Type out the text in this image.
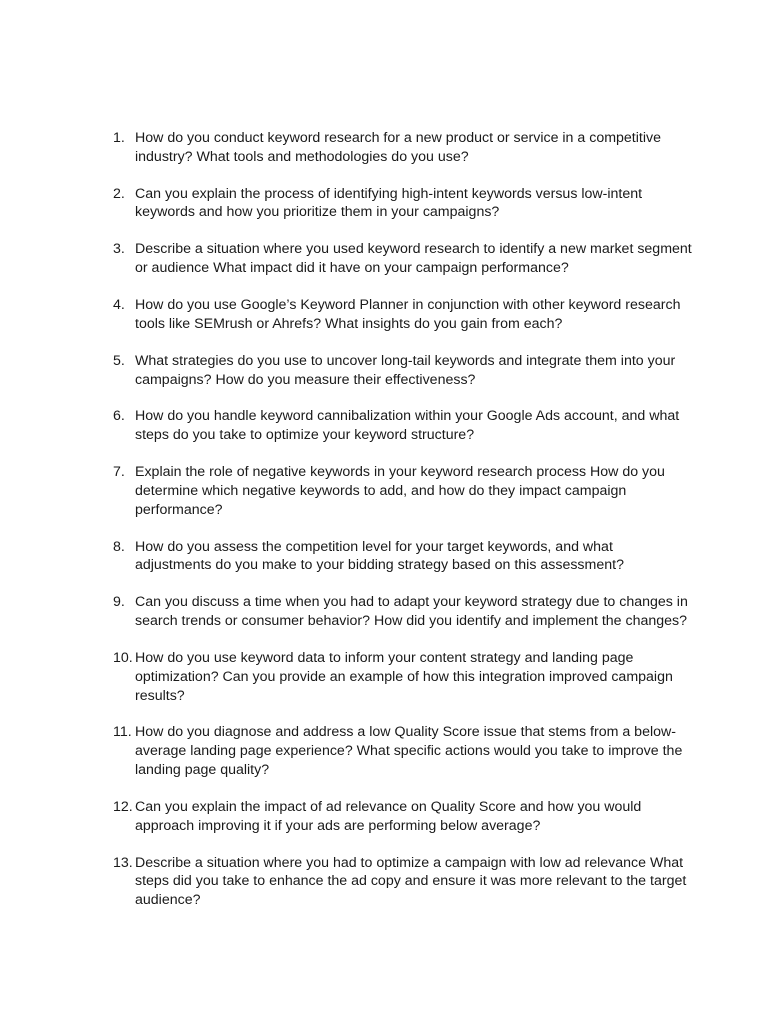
1. How do you conduct keyword research for a new product or service in a competitive industry? What tools and methodologies do you use?
2. Can you explain the process of identifying high-intent keywords versus low-intent keywords and how you prioritize them in your campaigns?
3. Describe a situation where you used keyword research to identify a new market segment or audience What impact did it have on your campaign performance?
4. How do you use Google’s Keyword Planner in conjunction with other keyword research tools like SEMrush or Ahrefs? What insights do you gain from each?
5. What strategies do you use to uncover long-tail keywords and integrate them into your campaigns? How do you measure their effectiveness?
6. How do you handle keyword cannibalization within your Google Ads account, and what steps do you take to optimize your keyword structure?
7. Explain the role of negative keywords in your keyword research process How do you determine which negative keywords to add, and how do they impact campaign performance?
8. How do you assess the competition level for your target keywords, and what adjustments do you make to your bidding strategy based on this assessment?
9. Can you discuss a time when you had to adapt your keyword strategy due to changes in search trends or consumer behavior? How did you identify and implement the changes?
10. How do you use keyword data to inform your content strategy and landing page optimization? Can you provide an example of how this integration improved campaign results?
11. How do you diagnose and address a low Quality Score issue that stems from a below-average landing page experience? What specific actions would you take to improve the landing page quality?
12. Can you explain the impact of ad relevance on Quality Score and how you would approach improving it if your ads are performing below average?
13. Describe a situation where you had to optimize a campaign with low ad relevance What steps did you take to enhance the ad copy and ensure it was more relevant to the target audience?
